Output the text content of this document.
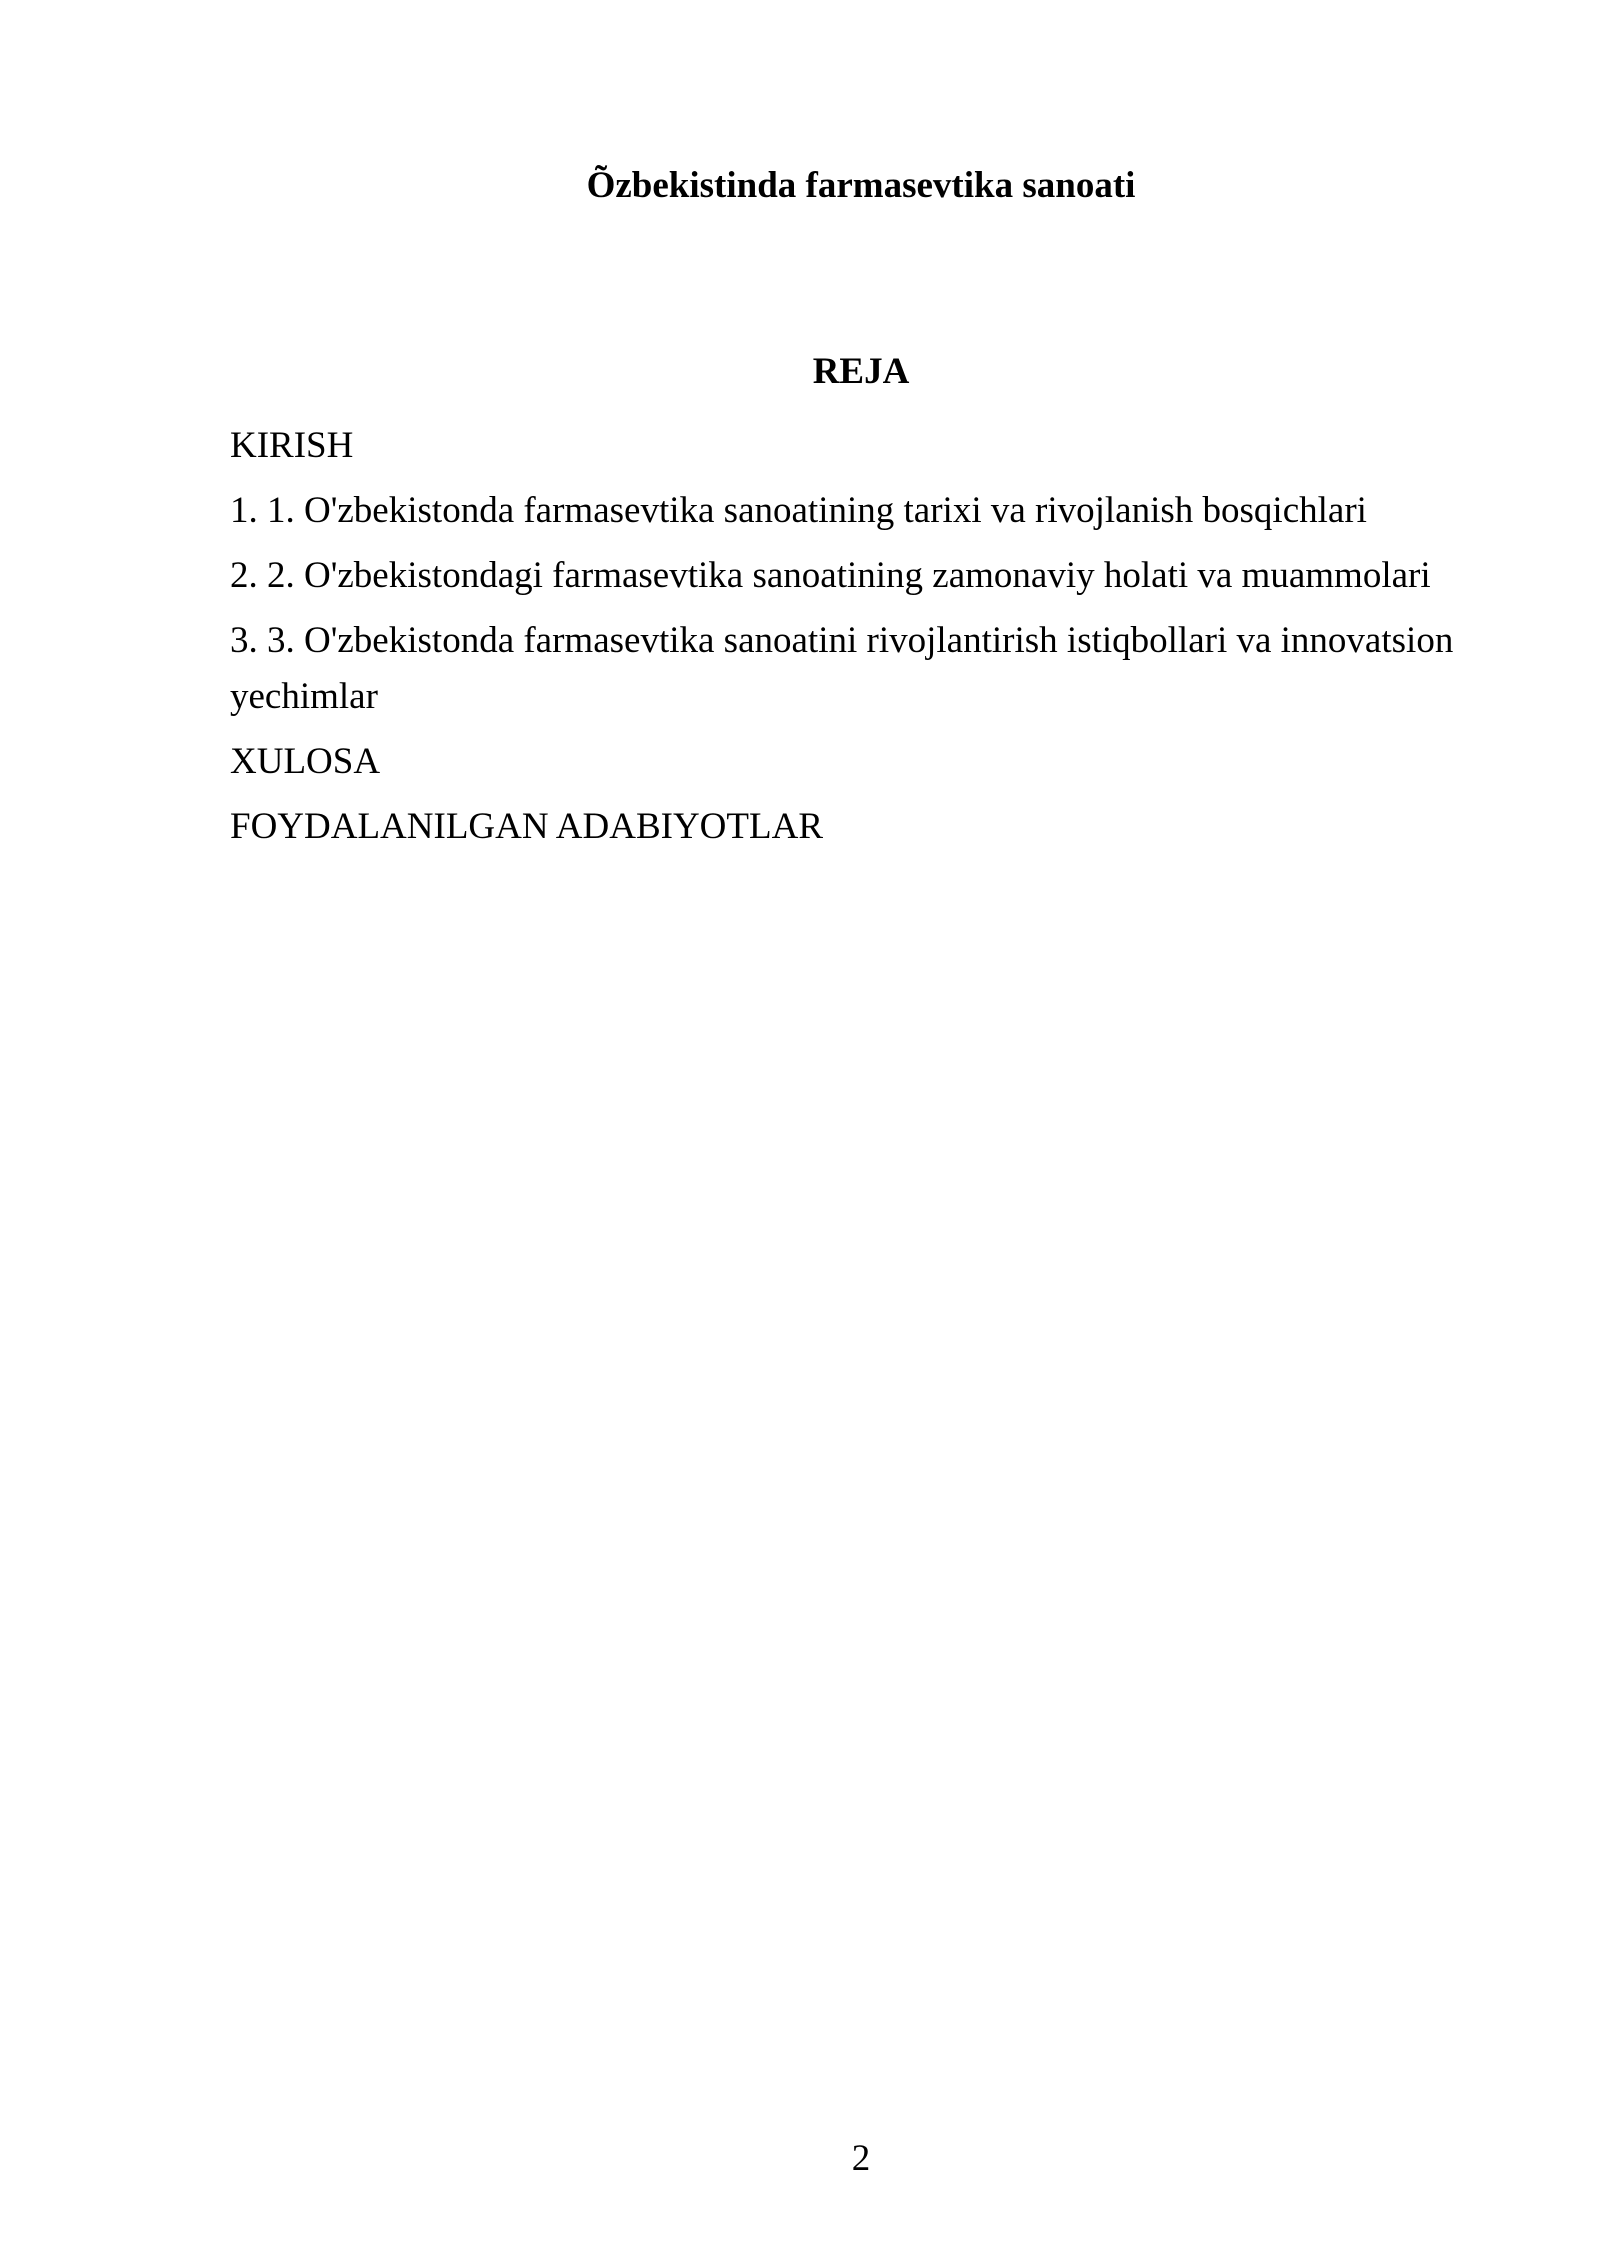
Õzbekistinda farmasevtika sanoati
REJA
KIRISH
1. 1. O'zbekistonda farmasevtika sanoatining tarixi va rivojlanish bosqichlari
2. 2. O'zbekistondagi farmasevtika sanoatining zamonaviy holati va muammolari
3. 3. O'zbekistonda farmasevtika sanoatini rivojlantirish istiqbollari va innovatsion yechimlar
XULOSA
FOYDALANILGAN ADABIYOTLAR
2
